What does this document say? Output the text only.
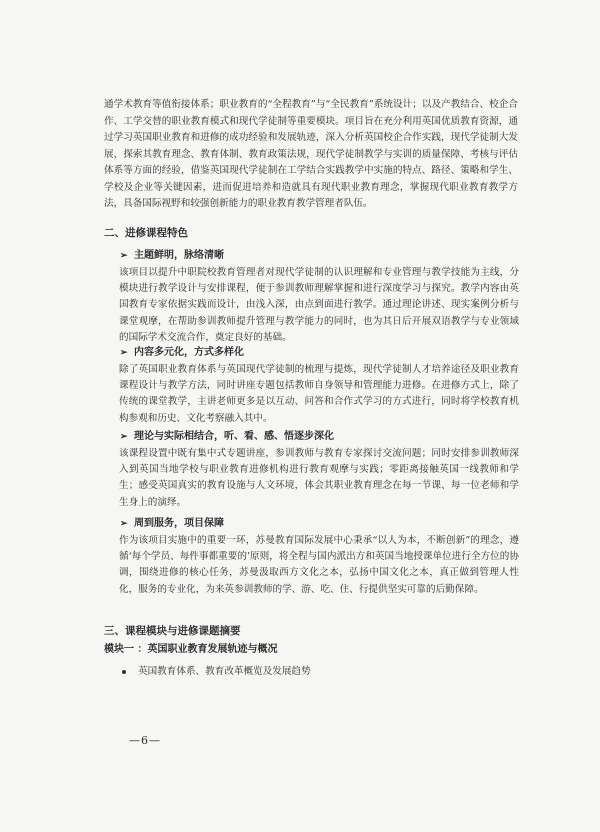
通学术教育等值衔接体系；职业教育的“全程教育”与“全民教育”系统设计；以及产教结合、校企合作、工学交替的职业教育模式和现代学徒制等重要模块。项目旨在充分利用英国优质教育资源，通过学习英国职业教育和进修的成功经验和发展轨迹，深入分析英国校企合作实践，现代学徒制大发展，探索其教育理念、教育体制、教育政策法规，现代学徒制教学与实训的质量保障、考核与评估体系等方面的经验，借鉴英国现代学徒制在工学结合实践教学中实施的特点、路径、策略和学生、学校及企业等关键因素，进而促进培养和造就具有现代职业教育理念，掌握现代职业教育教学方法，具备国际视野和较强创新能力的职业教育教学管理者队伍。

二、进修课程特色

➢ 主题鲜明，脉络清晰

该项目以提升中职院校教育管理者对现代学徒制的认识理解和专业管理与教学技能为主线，分模块进行教学设计与安排课程，便于参训教师理解掌握和进行深度学习与探究。教学内容由英国教育专家依据实践而设计，由浅入深，由点到面进行教学。通过理论讲述、现实案例分析与课堂观摩，在帮助参训教师提升管理与教学能力的同时，也为其日后开展双语教学与专业领域的国际学术交流合作，奠定良好的基础。

➢ 内容多元化，方式多样化

除了英国职业教育体系与英国现代学徒制的梳理与提炼，现代学徒制人才培养途径及职业教育课程设计与教学方法，同时讲座专题包括教师自身领导和管理能力进修。在进修方式上，除了传统的课堂教学，主讲老师更多是以互动、问答和合作式学习的方式进行，同时将学校教育机构参观和历史、文化考察融入其中。

➢ 理论与实际相结合，听、看、感、悟逐步深化

该课程设置中既有集中式专题讲座，参训教师与教育专家探讨交流问题；同时安排参训教师深入到英国当地学校与职业教育进修机构进行教育观摩与实践；零距离接触英国一线教师和学生；感受英国真实的教育设施与人文环境，体会其职业教育理念在每一节课、每一位老师和学生身上的演绎。

➢ 周到服务，项目保障

作为该项目实施中的重要一环，苏曼教育国际发展中心秉承“以人为本，不断创新”的理念，遵循‘每个学员、每件事都重要的’原则，将全程与国内派出方和英国当地授课单位进行全方位的协调，围绕进修的核心任务，苏曼汲取西方文化之本，弘扬中国文化之本，真正做到管理人性化，服务的专业化，为来英参训教师的学、游、吃、住、行提供坚实可靠的后勤保障。

三、课程模块与进修课题摘要

模块一 ：英国职业教育发展轨迹与概况

英国教育体系、教育改革概览及发展趋势

—6—
